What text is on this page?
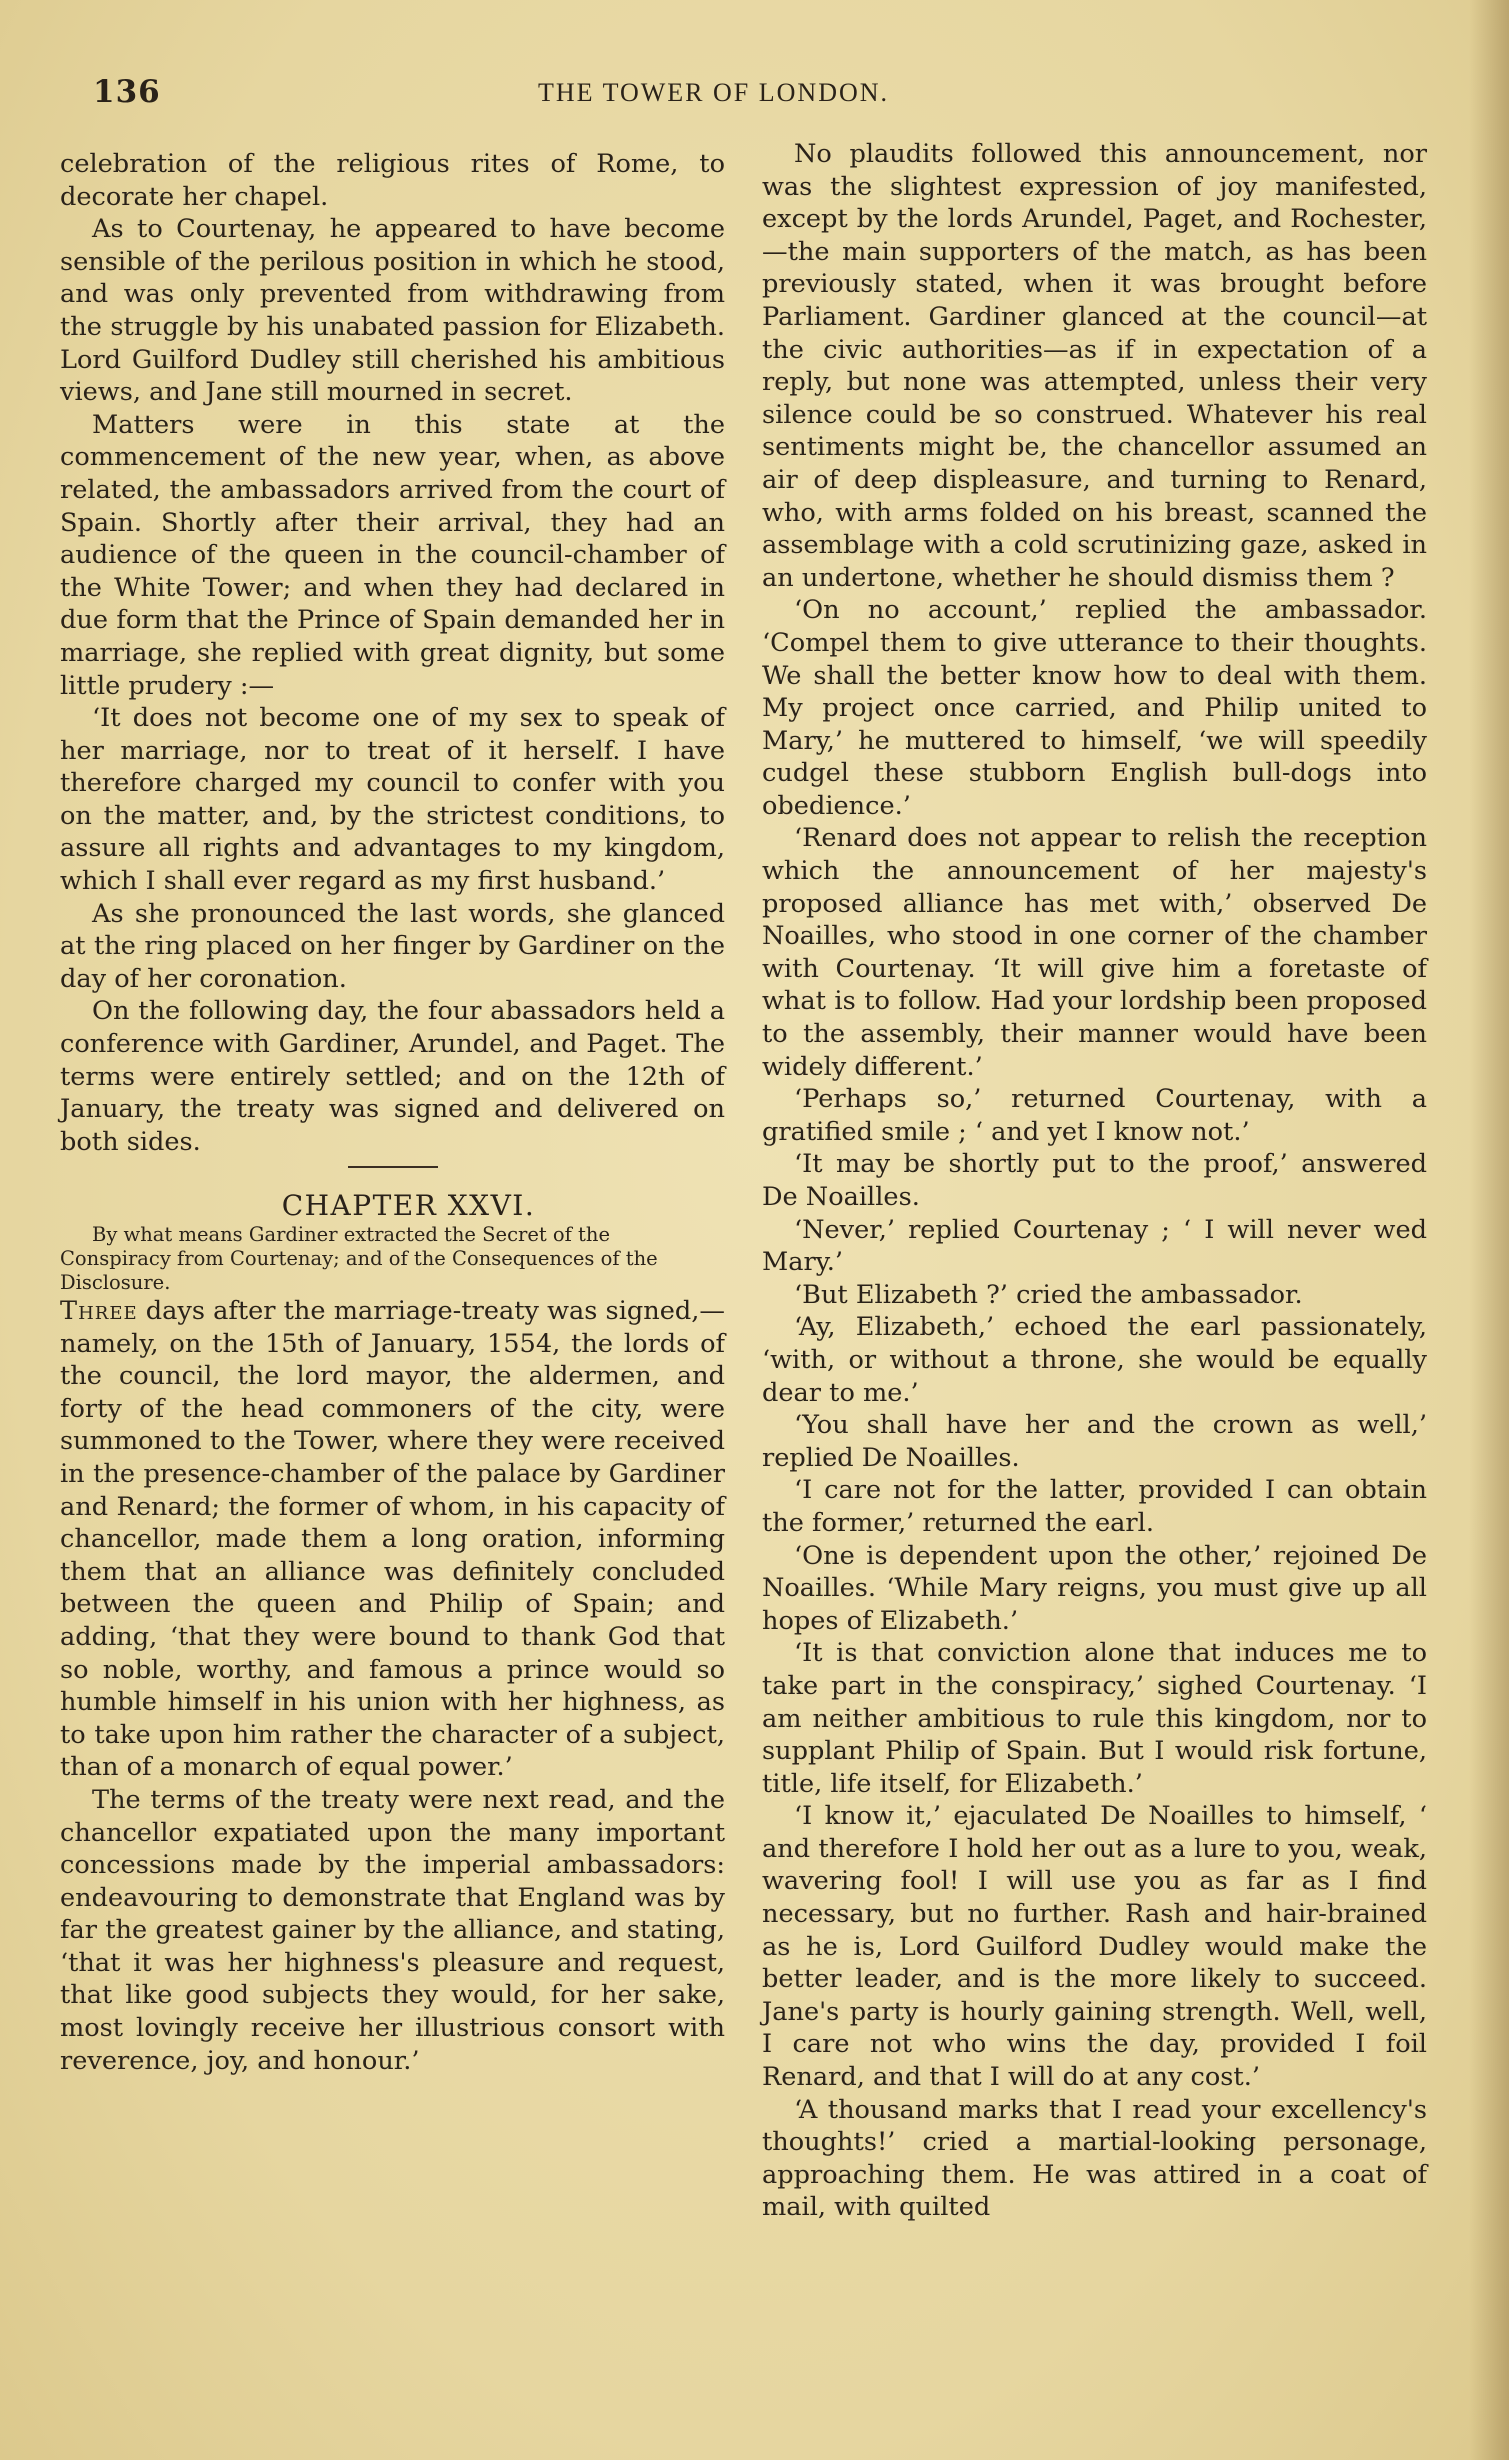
136	THE TOWER OF LONDON.

celebration of the religious rites of Rome, to decorate her chapel.

As to Courtenay, he appeared to have become sensible of the perilous position in which he stood, and was only prevented from withdrawing from the struggle by his unabated passion for Elizabeth. Lord Guilford Dudley still cherished his ambitious views, and Jane still mourned in secret.

Matters were in this state at the commencement of the new year, when, as above related, the ambassadors arrived from the court of Spain. Shortly after their arrival, they had an audience of the queen in the council-chamber of the White Tower; and when they had declared in due form that the Prince of Spain demanded her in marriage, she replied with great dignity, but some little prudery :—

‘It does not become one of my sex to speak of her marriage, nor to treat of it herself. I have therefore charged my council to confer with you on the matter, and, by the strictest conditions, to assure all rights and advantages to my kingdom, which I shall ever regard as my first husband.’

As she pronounced the last words, she glanced at the ring placed on her finger by Gardiner on the day of her coronation.

On the following day, the four abassadors held a conference with Gardiner, Arundel, and Paget. The terms were entirely settled; and on the 12th of January, the treaty was signed and delivered on both sides.

CHAPTER XXVI.

By what means Gardiner extracted the Secret of the Conspiracy from Courtenay; and of the Consequences of the Disclosure.

Three days after the marriage-treaty was signed,—namely, on the 15th of January, 1554, the lords of the council, the lord mayor, the aldermen, and forty of the head commoners of the city, were summoned to the Tower, where they were received in the presence-chamber of the palace by Gardiner and Renard; the former of whom, in his capacity of chancellor, made them a long oration, informing them that an alliance was definitely concluded between the queen and Philip of Spain; and adding, ‘that they were bound to thank God that so noble, worthy, and famous a prince would so humble himself in his union with her highness, as to take upon him rather the character of a subject, than of a monarch of equal power.’

The terms of the treaty were next read, and the chancellor expatiated upon the many important concessions made by the imperial ambassadors: endeavouring to demonstrate that England was by far the greatest gainer by the alliance, and stating, ‘that it was her highness's pleasure and request, that like good subjects they would, for her sake, most lovingly receive her illustrious consort with reverence, joy, and honour.’

No plaudits followed this announcement, nor was the slightest expression of joy manifested, except by the lords Arundel, Paget, and Rochester,—the main supporters of the match, as has been previously stated, when it was brought before Parliament. Gardiner glanced at the council—at the civic authorities—as if in expectation of a reply, but none was attempted, unless their very silence could be so construed. Whatever his real sentiments might be, the chancellor assumed an air of deep displeasure, and turning to Renard, who, with arms folded on his breast, scanned the assemblage with a cold scrutinizing gaze, asked in an undertone, whether he should dismiss them ?

‘On no account,’ replied the ambassador. ‘Compel them to give utterance to their thoughts. We shall the better know how to deal with them. My project once carried, and Philip united to Mary,’ he muttered to himself, ‘we will speedily cudgel these stubborn English bull-dogs into obedience.’

‘Renard does not appear to relish the reception which the announcement of her majesty's proposed alliance has met with,’ observed De Noailles, who stood in one corner of the chamber with Courtenay. ‘It will give him a foretaste of what is to follow. Had your lordship been proposed to the assembly, their manner would have been widely different.’

‘Perhaps so,’ returned Courtenay, with a gratified smile ; ‘ and yet I know not.’

‘It may be shortly put to the proof,’ answered De Noailles.

‘Never,’ replied Courtenay ; ‘ I will never wed Mary.’

‘But Elizabeth ?’ cried the ambassador.

‘Ay, Elizabeth,’ echoed the earl passionately, ‘with, or without a throne, she would be equally dear to me.’

‘You shall have her and the crown as well,’ replied De Noailles.

‘I care not for the latter, provided I can obtain the former,’ returned the earl.

‘One is dependent upon the other,’ rejoined De Noailles. ‘While Mary reigns, you must give up all hopes of Elizabeth.’

‘It is that conviction alone that induces me to take part in the conspiracy,’ sighed Courtenay. ‘I am neither ambitious to rule this kingdom, nor to supplant Philip of Spain. But I would risk fortune, title, life itself, for Elizabeth.’

‘I know it,’ ejaculated De Noailles to himself, ‘ and therefore I hold her out as a lure to you, weak, wavering fool! I will use you as far as I find necessary, but no further. Rash and hair-brained as he is, Lord Guilford Dudley would make the better leader, and is the more likely to succeed. Jane's party is hourly gaining strength. Well, well, I care not who wins the day, provided I foil Renard, and that I will do at any cost.’

‘A thousand marks that I read your excellency's thoughts!’ cried a martial-looking personage, approaching them. He was attired in a coat of mail, with quilted
